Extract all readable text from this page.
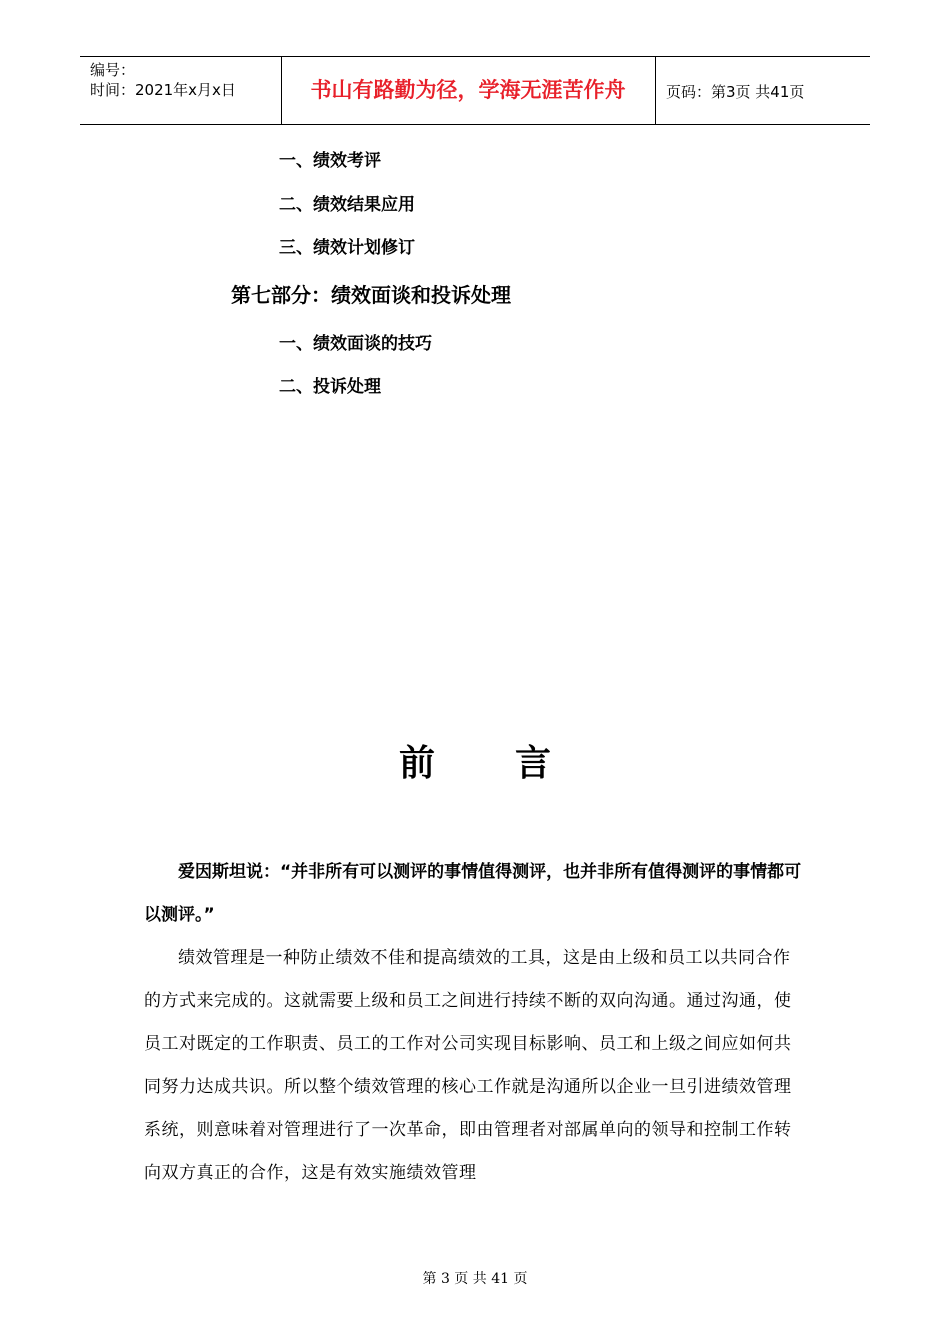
编号：
时间：2021年x月x日	书山有路勤为径，学海无涯苦作舟	页码：第3页 共41页
一、绩效考评
二、绩效结果应用
三、绩效计划修订
第七部分：绩效面谈和投诉处理
一、绩效面谈的技巧
二、投诉处理
前言
爱因斯坦说：“并非所有可以测评的事情值得测评，也并非所有值得测评的事情都可以测评。”
绩效管理是一种防止绩效不佳和提高绩效的工具，这是由上级和员工以共同合作的方式来完成的。这就需要上级和员工之间进行持续不断的双向沟通。通过沟通，使员工对既定的工作职责、员工的工作对公司实现目标影响、员工和上级之间应如何共同努力达成共识。所以整个绩效管理的核心工作就是沟通所以企业一旦引进绩效管理系统，则意味着对管理进行了一次革命，即由管理者对部属单向的领导和控制工作转向双方真正的合作，这是有效实施绩效管理
第 3 页 共 41 页
